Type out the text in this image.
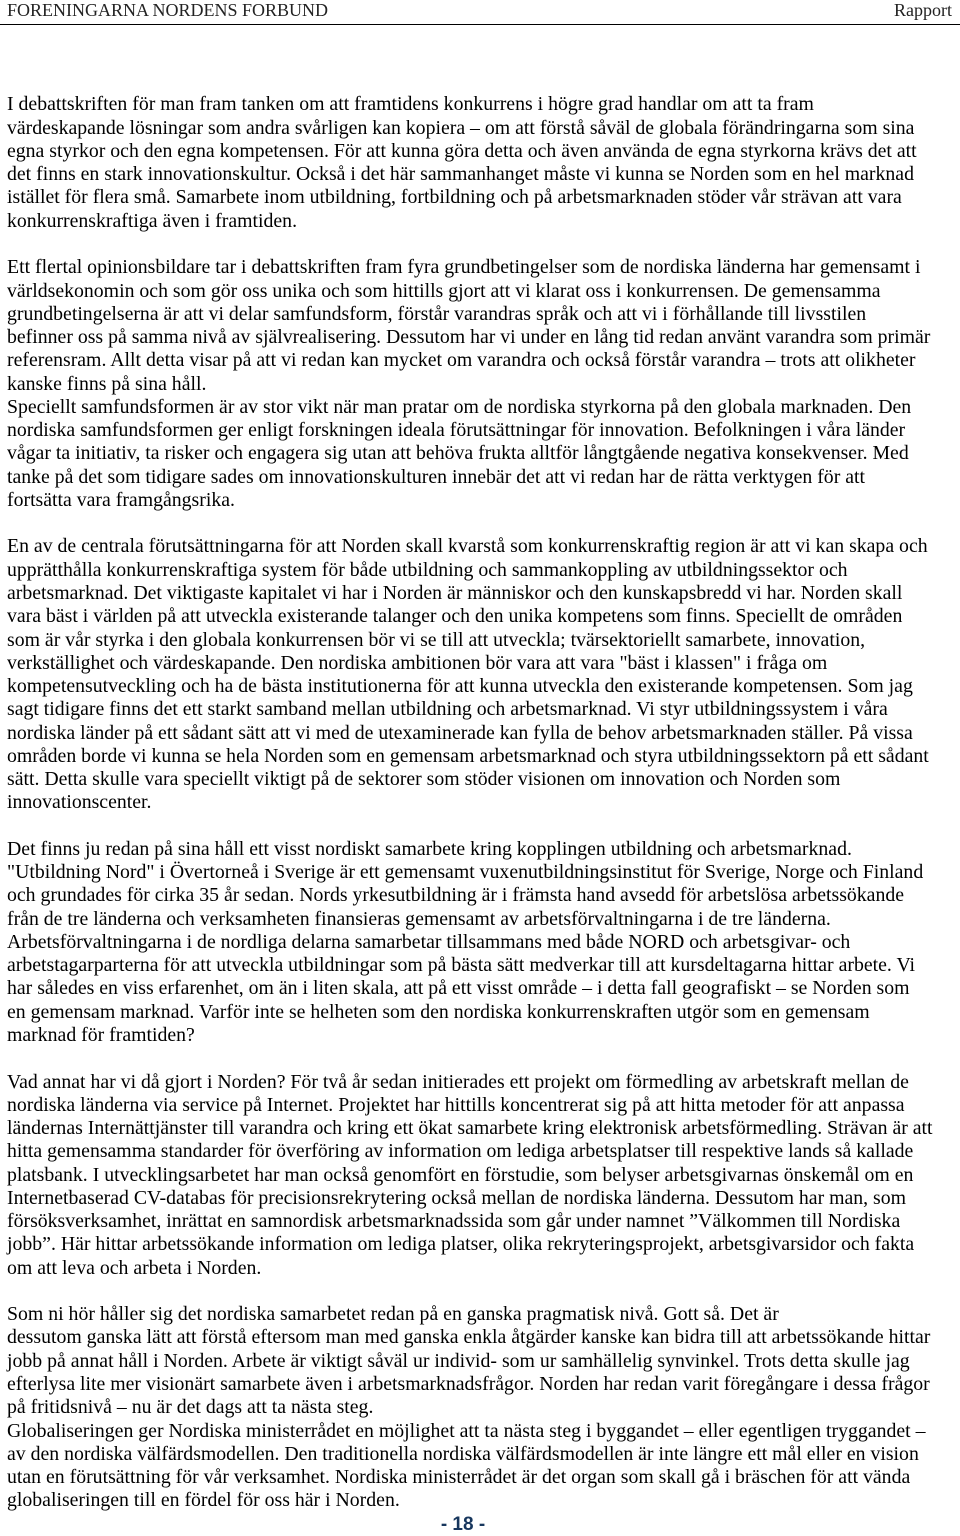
FORENINGARNA NORDENS FORBUND	Rapport

I debattskriften för man fram tanken om att framtidens konkurrens i högre grad handlar om att ta fram
värdeskapande lösningar som andra svårligen kan kopiera – om att förstå såväl de globala förändringarna som sina
egna styrkor och den egna kompetensen. För att kunna göra detta och även använda de egna styrkorna krävs det att
det finns en stark innovationskultur. Också i det här sammanhanget måste vi kunna se Norden som en hel marknad
istället för flera små. Samarbete inom utbildning, fortbildning och på arbetsmarknaden stöder vår strävan att vara
konkurrenskraftiga även i framtiden.

Ett flertal opinionsbildare tar i debattskriften fram fyra grundbetingelser som de nordiska länderna har gemensamt i
världsekonomin och som gör oss unika och som hittills gjort att vi klarat oss i konkurrensen. De gemensamma
grundbetingelserna är att vi delar samfundsform, förstår varandras språk och att vi i förhållande till livsstilen
befinner oss på samma nivå av självrealisering. Dessutom har vi under en lång tid redan använt varandra som primär
referensram. Allt detta visar på att vi redan kan mycket om varandra och också förstår varandra – trots att olikheter
kanske finns på sina håll.

Speciellt samfundsformen är av stor vikt när man pratar om de nordiska styrkorna på den globala marknaden. Den
nordiska samfundsformen ger enligt forskningen ideala förutsättningar för innovation. Befolkningen i våra länder
vågar ta initiativ, ta risker och engagera sig utan att behöva frukta alltför långtgående negativa konsekvenser. Med
tanke på det som tidigare sades om innovationskulturen innebär det att vi redan har de rätta verktygen för att
fortsätta vara framgångsrika.

En av de centrala förutsättningarna för att Norden skall kvarstå som konkurrenskraftig region är att vi kan skapa och
upprätthålla konkurrenskraftiga system för både utbildning och sammankoppling av utbildningssektor och
arbetsmarknad. Det viktigaste kapitalet vi har i Norden är människor och den kunskapsbredd vi har. Norden skall
vara bäst i världen på att utveckla existerande talanger och den unika kompetens som finns. Speciellt de områden
som är vår styrka i den globala konkurrensen bör vi se till att utveckla; tvärsektoriellt samarbete, innovation,
verkställighet och värdeskapande. Den nordiska ambitionen bör vara att vara "bäst i klassen" i fråga om
kompetensutveckling och ha de bästa institutionerna för att kunna utveckla den existerande kompetensen. Som jag
sagt tidigare finns det ett starkt samband mellan utbildning och arbetsmarknad. Vi styr utbildningssystem i våra
nordiska länder på ett sådant sätt att vi med de utexaminerade kan fylla de behov arbetsmarknaden ställer. På vissa
områden borde vi kunna se hela Norden som en gemensam arbetsmarknad och styra utbildningssektorn på ett sådant
sätt. Detta skulle vara speciellt viktigt på de sektorer som stöder visionen om innovation och Norden som
innovationscenter.

Det finns ju redan på sina håll ett visst nordiskt samarbete kring kopplingen utbildning och arbetsmarknad.
"Utbildning Nord" i Övertorneå i Sverige är ett gemensamt vuxenutbildningsinstitut för Sverige, Norge och Finland
och grundades för cirka 35 år sedan. Nords yrkesutbildning är i främsta hand avsedd för arbetslösa arbetssökande
från de tre länderna och verksamheten finansieras gemensamt av arbetsförvaltningarna i de tre länderna.
Arbetsförvaltningarna i de nordliga delarna samarbetar tillsammans med både NORD och arbetsgivar- och
arbetstagarparterna för att utveckla utbildningar som på bästa sätt medverkar till att kursdeltagarna hittar arbete. Vi
har således en viss erfarenhet, om än i liten skala, att på ett visst område – i detta fall geografiskt – se Norden som
en gemensam marknad. Varför inte se helheten som den nordiska konkurrenskraften utgör som en gemensam
marknad för framtiden?

Vad annat har vi då gjort i Norden? För två år sedan initierades ett projekt om förmedling av arbetskraft mellan de
nordiska länderna via service på Internet. Projektet har hittills koncentrerat sig på att hitta metoder för att anpassa
ländernas Internättjänster till varandra och kring ett ökat samarbete kring elektronisk arbetsförmedling. Strävan är att
hitta gemensamma standarder för överföring av information om lediga arbetsplatser till respektive lands så kallade
platsbank. I utvecklingsarbetet har man också genomfört en förstudie, som belyser arbetsgivarnas önskemål om en
Internetbaserad CV-databas för precisionsrekrytering också mellan de nordiska länderna. Dessutom har man, som
försöksverksamhet, inrättat en samnordisk arbetsmarknadssida som går under namnet ”Välkommen till Nordiska
jobb”. Här hittar arbetssökande information om lediga platser, olika rekryteringsprojekt, arbetsgivarsidor och fakta
om att leva och arbeta i Norden.

Som ni hör håller sig det nordiska samarbetet redan på en ganska pragmatisk nivå. Gott så. Det är
dessutom ganska lätt att förstå eftersom man med ganska enkla åtgärder kanske kan bidra till att arbetssökande hittar
jobb på annat håll i Norden. Arbete är viktigt såväl ur individ- som ur samhällelig synvinkel. Trots detta skulle jag
efterlysa lite mer visionärt samarbete även i arbetsmarknadsfrågor. Norden har redan varit föregångare i dessa frågor
på fritidsnivå – nu är det dags att ta nästa steg.

Globaliseringen ger Nordiska ministerrådet en möjlighet att ta nästa steg i byggandet – eller egentligen tryggandet –
av den nordiska välfärdsmodellen. Den traditionella nordiska välfärdsmodellen är inte längre ett mål eller en vision
utan en förutsättning för vår verksamhet. Nordiska ministerrådet är det organ som skall gå i bräschen för att vända
globaliseringen till en fördel för oss här i Norden.

- 18 -
